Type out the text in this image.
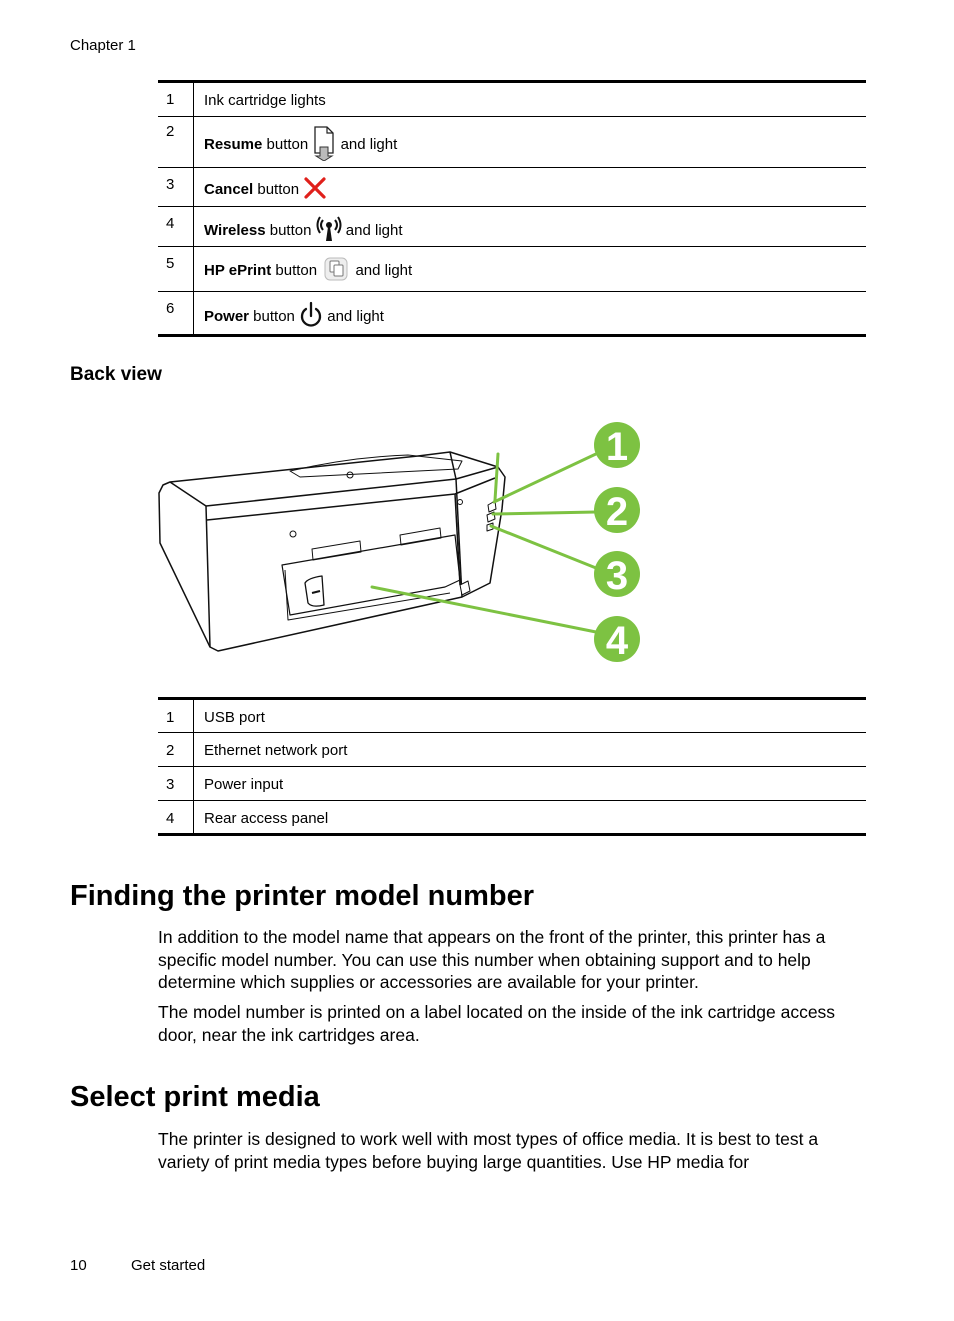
Chapter 1
1	Ink cartridge lights

2	Resume button  and light

3	Cancel button

4	Wireless button  and light

5	HP ePrint button  and light

6	Power button  and light
Back view
1
2
3
4
1	USB port

2	Ethernet network port

3	Power input

4	Rear access panel
Finding the printer model number

In addition to the model name that appears on the front of the printer, this printer has a specific model number. You can use this number when obtaining support and to help determine which supplies or accessories are available for your printer.

The model number is printed on a label located on the inside of the ink cartridge access door, near the ink cartridges area.

Select print media

The printer is designed to work well with most types of office media. It is best to test a variety of print media types before buying large quantities. Use HP media for

10	Get started
